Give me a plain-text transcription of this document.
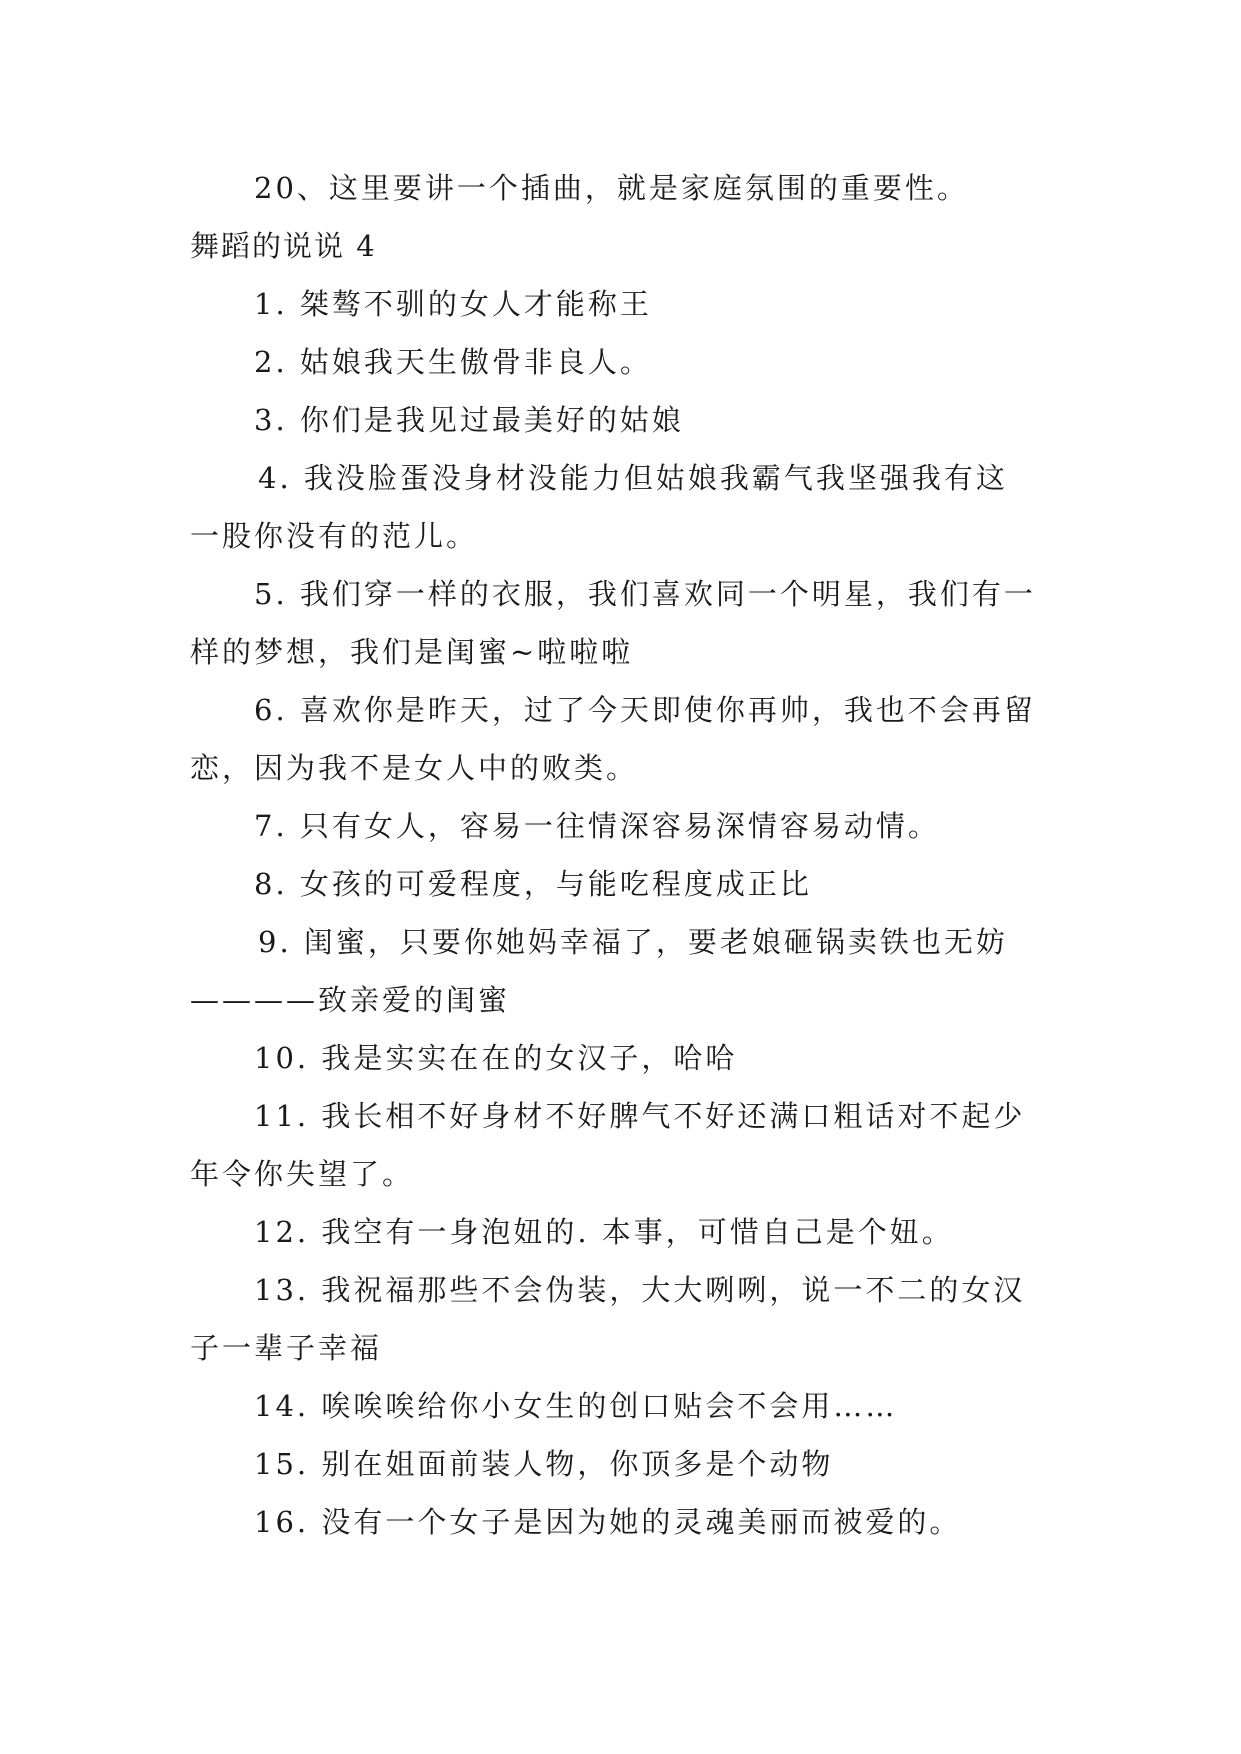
20、这里要讲一个插曲，就是家庭氛围的重要性。
舞蹈的说说 4
1. 桀骜不驯的女人才能称王
2. 姑娘我天生傲骨非良人。
3. 你们是我见过最美好的姑娘
4. 我没脸蛋没身材没能力但姑娘我霸气我坚强我有这
一股你没有的范儿。
5. 我们穿一样的衣服，我们喜欢同一个明星，我们有一
样的梦想，我们是闺蜜~啦啦啦
6. 喜欢你是昨天，过了今天即使你再帅，我也不会再留
恋，因为我不是女人中的败类。
7. 只有女人，容易一往情深容易深情容易动情。
8. 女孩的可爱程度，与能吃程度成正比
9. 闺蜜，只要你她妈幸福了，要老娘砸锅卖铁也无妨
————致亲爱的闺蜜
10. 我是实实在在的女汉子，哈哈
11. 我长相不好身材不好脾气不好还满口粗话对不起少
年令你失望了。
12. 我空有一身泡妞的. 本事，可惜自己是个妞。
13. 我祝福那些不会伪装，大大咧咧，说一不二的女汉
子一辈子幸福
14. 唉唉唉给你小女生的创口贴会不会用……
15. 别在姐面前装人物，你顶多是个动物
16. 没有一个女子是因为她的灵魂美丽而被爱的。
